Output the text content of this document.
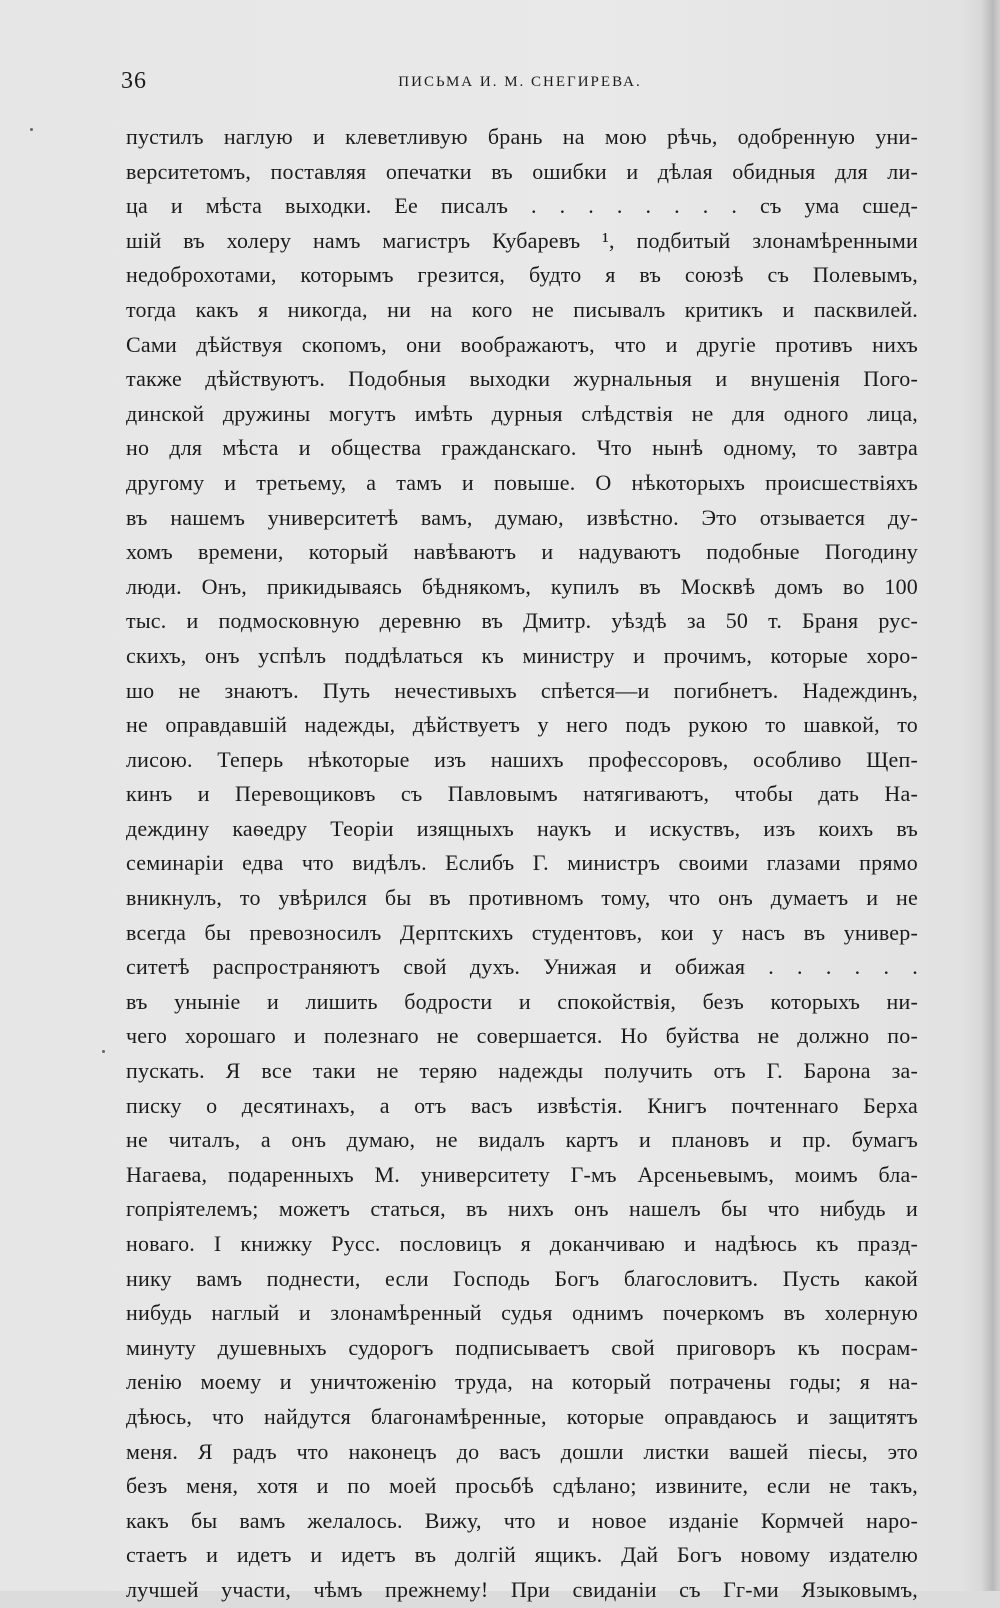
36	ПИСЬМА И. М. СНЕГИРЕВА.
пустилъ наглую и клеветливую брань на мою рѣчь, одобренную уни-
верситетомъ, поставляя опечатки въ ошибки и дѣлая обидныя для ли-
ца и мѣста выходки. Ее писалъ . . . . . . . . съ ума сшед-
шій въ холеру намъ магистръ Кубаревъ ¹, подбитый злонамѣренными
недоброхотами, которымъ грезится, будто я въ союзѣ съ Полевымъ,
тогда какъ я никогда, ни на кого не писывалъ критикъ и пасквилей.
Сами дѣйствуя скопомъ, они воображаютъ, что и другіе противъ нихъ
также дѣйствуютъ. Подобныя выходки журнальныя и внушенія Пого-
динской дружины могутъ имѣть дурныя слѣдствія не для одного лица,
но для мѣста и общества гражданскаго. Что нынѣ одному, то завтра
другому и третьему, а тамъ и повыше. О нѣкоторыхъ происшествіяхъ
въ нашемъ университетѣ вамъ, думаю, извѣстно. Это отзывается ду-
хомъ времени, который навѣваютъ и надуваютъ подобные Погодину
люди. Онъ, прикидываясь бѣднякомъ, купилъ въ Москвѣ домъ во 100
тыс. и подмосковную деревню въ Дмитр. уѣздѣ за 50 т. Браня рус-
скихъ, онъ успѣлъ поддѣлаться къ министру и прочимъ, которые хоро-
шо не знаютъ. Путь нечестивыхъ спѣется—и погибнетъ. Надеждинъ,
не оправдавшій надежды, дѣйствуетъ у него подъ рукою то шавкой, то
лисою. Теперь нѣкоторые изъ нашихъ профессоровъ, особливо Щеп-
кинъ и Перевощиковъ съ Павловымъ натягиваютъ, чтобы дать На-
деждину каѳедру Теоріи изящныхъ наукъ и искуствъ, изъ коихъ въ
семинаріи едва что видѣлъ. Еслибъ Г. министръ своими глазами прямо
вникнулъ, то увѣрился бы въ противномъ тому, что онъ думаетъ и не
всегда бы превозносилъ Дерптскихъ студентовъ, кои у насъ въ универ-
ситетѣ распространяютъ свой духъ. Унижая и обижая . . . . . .
въ уныніе и лишить бодрости и спокойствія, безъ которыхъ ни-
чего хорошаго и полезнаго не совершается. Но буйства не должно по-
пускать. Я все таки не теряю надежды получить отъ Г. Барона за-
писку о десятинахъ, а отъ васъ извѣстія. Книгъ почтеннаго Берха
не читалъ, а онъ думаю, не видалъ картъ и плановъ и пр. бумагъ
Нагаева, подаренныхъ М. университету Г-мъ Арсеньевымъ, моимъ бла-
гопріятелемъ; можетъ статься, въ нихъ онъ нашелъ бы что нибудь и
новаго. I книжку Русс. пословицъ я доканчиваю и надѣюсь къ празд-
нику вамъ поднести, если Господь Богъ благословитъ. Пусть какой
нибудь наглый и злонамѣренный судья однимъ почеркомъ въ холерную
минуту душевныхъ судорогъ подписываетъ свой приговоръ къ посрам-
ленію моему и уничтоженію труда, на который потрачены годы; я на-
дѣюсь, что найдутся благонамѣренные, которые оправдаюсь и защитятъ
меня. Я радъ что наконецъ до васъ дошли листки вашей піесы, это
безъ меня, хотя и по моей просьбѣ сдѣлано; извините, если не такъ,
какъ бы вамъ желалось. Вижу, что и новое изданіе Кормчей наро-
стаетъ и идетъ и идетъ въ долгій ящикъ. Дай Богъ новому издателю
лучшей участи, чѣмъ прежнему! При свиданіи съ Гг-ми Языковымъ,
